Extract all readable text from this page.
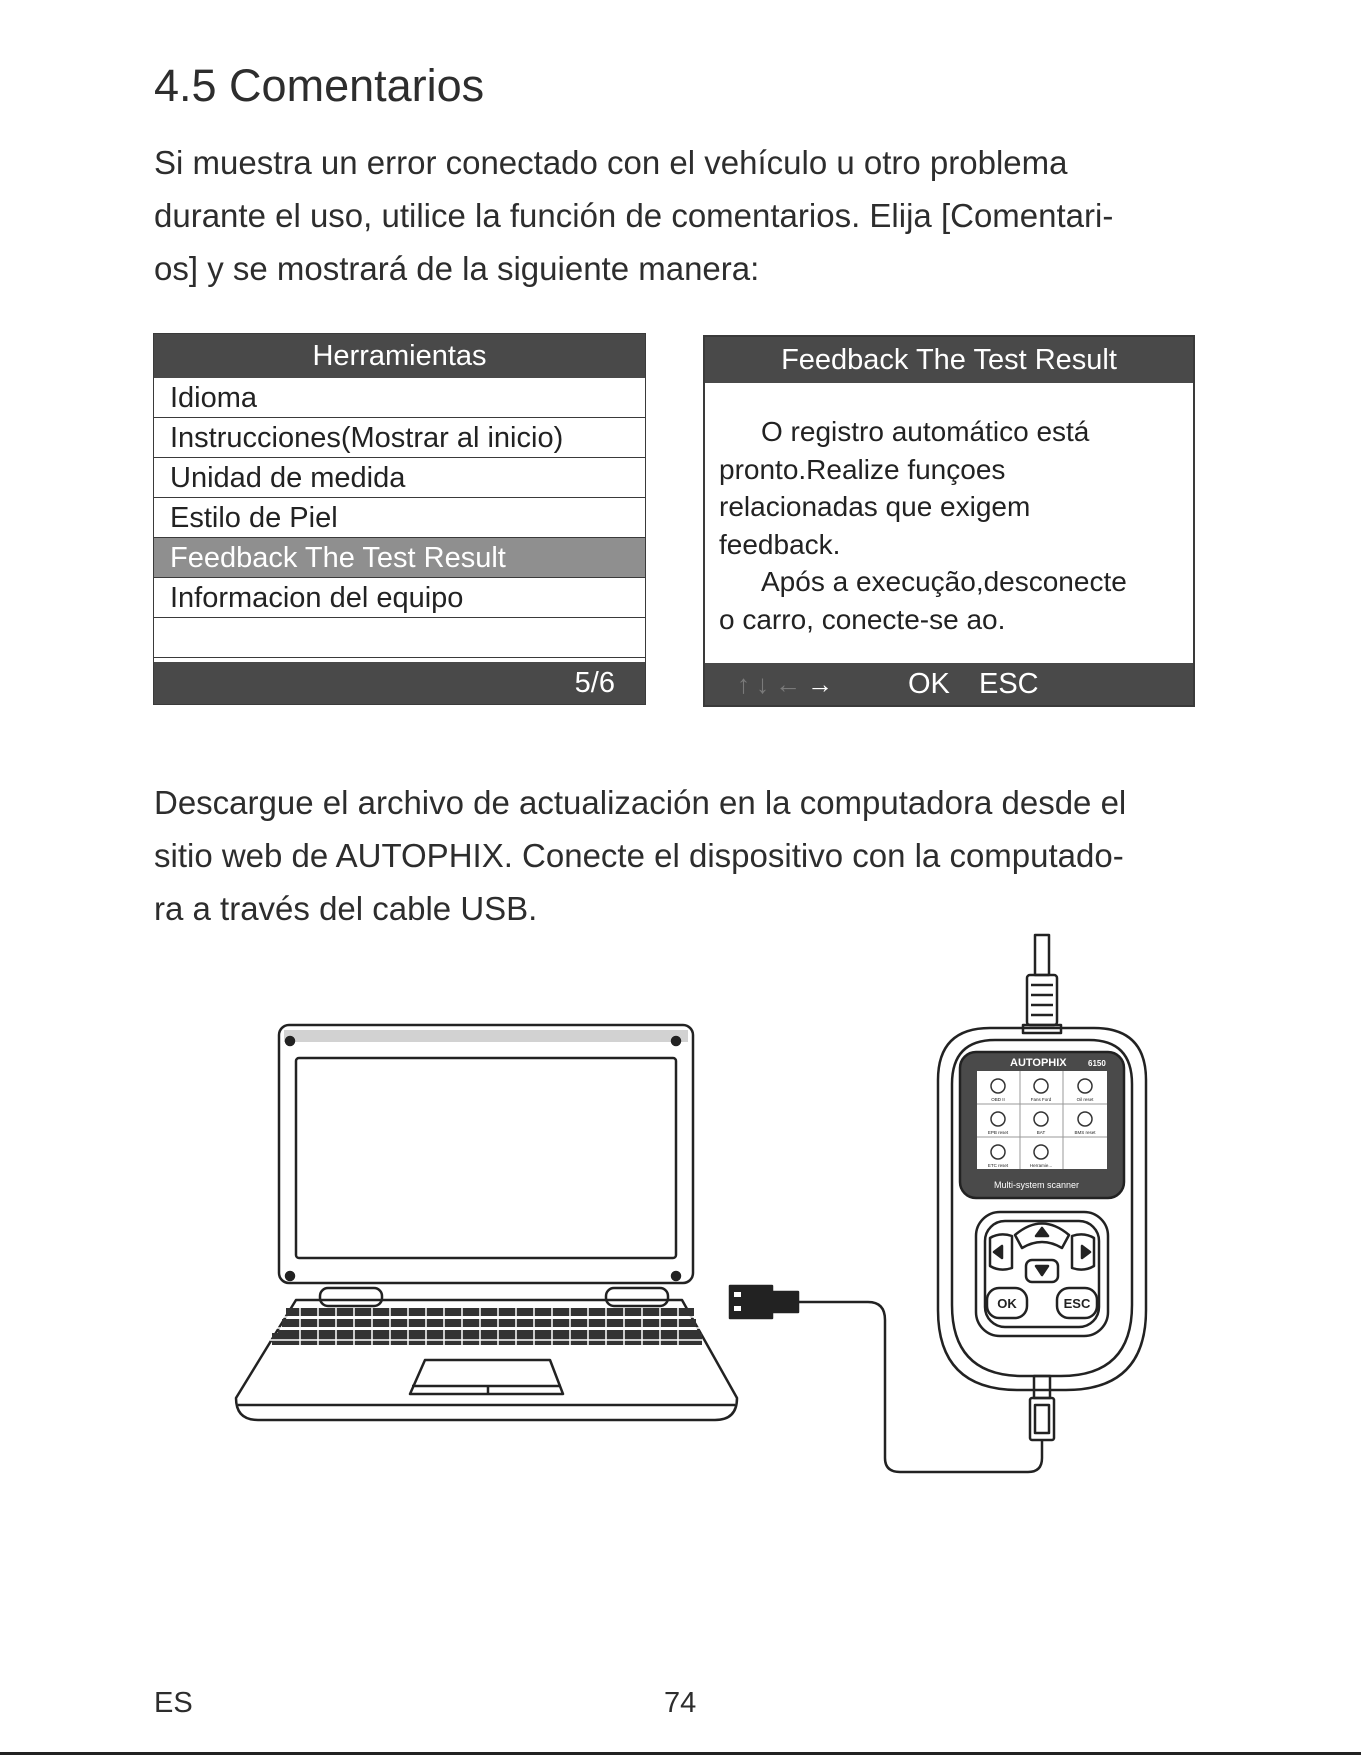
4.5 Comentarios

Si muestra un error conectado con el vehículo u otro problema

durante el uso, utilice la función de comentarios. Elija [Comentari-

os] y se mostrará de la siguiente manera:

Herramientas
Idioma
Instrucciones(Mostrar al inicio)
Unidad de medida
Estilo de Piel
Feedback The Test Result
Informacion del equipo
5/6
Feedback The Test Result

O registro automático está

pronto.Realize funçoes

relacionadas que exigem

feedback.

Após a execução,desconecte

o carro, conecte-se ao.

↑↓←→ OK ESC

Descargue el archivo de actualización en la computadora desde el

sitio web de AUTOPHIX. Conecte el dispositivo con la computado-

ra a través del cable USB.

AUTOPHIX	6150
Multi-system scanner
OBD II	Fans Ford	Oil reset
EPB reset	BAT	BMS reset
ETC reset	Herramie...
OK	ESC
ES	74
